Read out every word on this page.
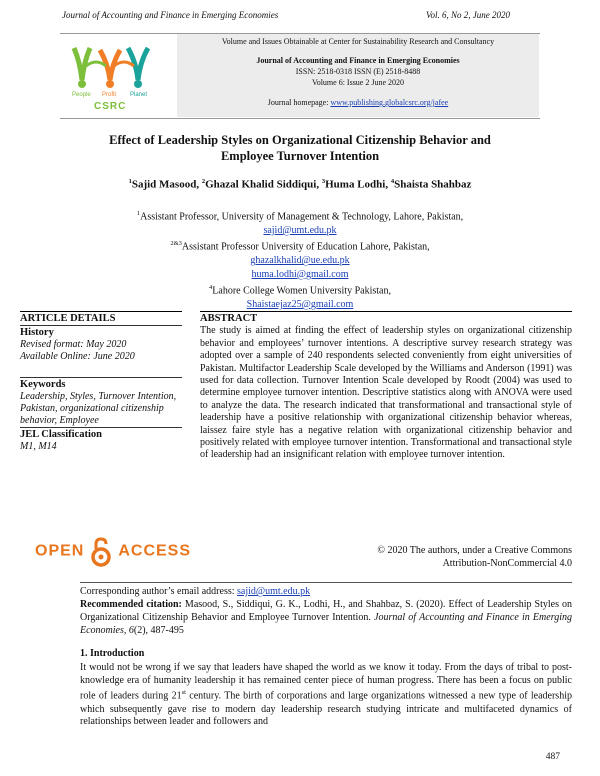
Journal of Accounting and Finance in Emerging Economies	Vol. 6, No 2, June 2020
People Profit Planet
CSRC
Volume and Issues Obtainable at Center for Sustainability Research and Consultancy
Journal of Accounting and Finance in Emerging Economies
ISSN: 2518-0318 ISSN (E) 2518-8488
Volume 6: Issue 2 June 2020
Journal homepage: www.publishing.globalcsrc.org/jafee
Effect of Leadership Styles on Organizational Citizenship Behavior and
Employee Turnover Intention
$^1$Sajid Masood, $^2$Ghazal Khalid Siddiqui, $^3$Huma Lodhi, $^4$Shaista Shahbaz
$^1$Assistant Professor, University of Management & Technology, Lahore, Pakistan,
sajid@umt.edu.pk
$^{2\&3}$Assistant Professor University of Education Lahore, Pakistan,
ghazalkhalid@ue.edu.pk
huma.lodhi@gmail.com
$^4$Lahore College Women University Pakistan,
Shaistaejaz25@gmail.com
ARTICLE DETAILS
History
Revised format: May 2020
Available Online: June 2020
Keywords
Leadership, Styles, Turnover Intention, Pakistan, organizational citizenship behavior, Employee
JEL Classification
M1, M14
ABSTRACT
The study is aimed at finding the effect of leadership styles on organizational citizenship behavior and employees’ turnover intentions. A descriptive survey research strategy was adopted over a sample of 240 respondents selected conveniently from eight universities of Pakistan. Multifactor Leadership Scale developed by the Williams and Anderson (1991) was used for data collection. Turnover Intention Scale developed by Roodt (2004) was used to determine employee turnover intention. Descriptive statistics along with ANOVA were used to analyze the data. The research indicated that transformational and transactional style of leadership have a positive relationship with organizational citizenship behavior whereas, laissez faire style has a negative relation with organizational citizenship behavior and positively related with employee turnover intention. Transformational and transactional style of leadership had an insignificant relation with employee turnover intention.
OPEN ACCESS	© 2020 The authors, under a Creative Commons
Attribution-NonCommercial 4.0
Corresponding author’s email address: sajid@umt.edu.pk
Recommended citation: Masood, S., Siddiqui, G. K., Lodhi, H., and Shahbaz, S. (2020). Effect of Leadership Styles on Organizational Citizenship Behavior and Employee Turnover Intention. Journal of Accounting and Finance in Emerging Economies, 6(2), 487-495
1. Introduction
It would not be wrong if we say that leaders have shaped the world as we know it today. From the days of tribal to post-knowledge era of humanity leadership it has remained center piece of human progress. There has been a focus on public role of leaders during 21st century. The birth of corporations and large organizations witnessed a new type of leadership which subsequently gave rise to modern day leadership research studying intricate and multifaceted dynamics of relationships between leader and followers and
487
